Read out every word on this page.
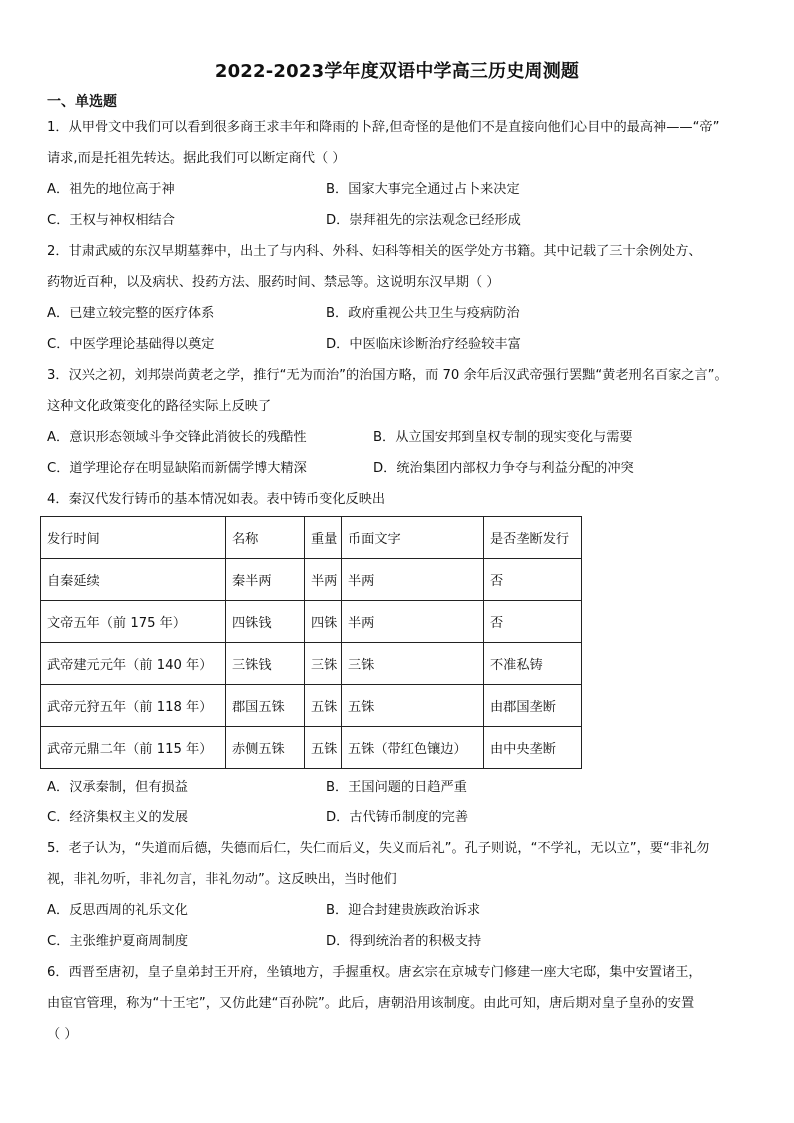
2022-2023学年度双语中学高三历史周测题
一、单选题
1．从甲骨文中我们可以看到很多商王求丰年和降雨的卜辞,但奇怪的是他们不是直接向他们心目中的最高神——“帝”
请求,而是托祖先转达。据此我们可以断定商代（ ）
A．祖先的地位高于神	B．国家大事完全通过占卜来决定
C．王权与神权相结合	D．崇拜祖先的宗法观念已经形成
2．甘肃武威的东汉早期墓葬中，出土了与内科、外科、妇科等相关的医学处方书籍。其中记载了三十余例处方、
药物近百种，以及病状、投药方法、服药时间、禁忌等。这说明东汉早期（ ）
A．已建立较完整的医疗体系	B．政府重视公共卫生与疫病防治
C．中医学理论基础得以奠定	D．中医临床诊断治疗经验较丰富
3．汉兴之初，刘邦崇尚黄老之学，推行“无为而治”的治国方略，而 70 余年后汉武帝强行罢黜“黄老刑名百家之言”。
这种文化政策变化的路径实际上反映了
A．意识形态领域斗争交锋此消彼长的残酷性	B．从立国安邦到皇权专制的现实变化与需要
C．道学理论存在明显缺陷而新儒学博大精深	D．统治集团内部权力争夺与利益分配的冲突
4．秦汉代发行铸币的基本情况如表。表中铸币变化反映出
发行时间	名称	重量	币面文字	是否垄断发行
自秦延续	秦半两	半两	半两	否
文帝五年（前 175 年）	四铢钱	四铢	半两	否
武帝建元元年（前 140 年）	三铢钱	三铢	三铢	不准私铸
武帝元狩五年（前 118 年）	郡国五铢	五铢	五铢	由郡国垄断
武帝元鼎二年（前 115 年）	赤侧五铢	五铢	五铢（带红色镶边）	由中央垄断
A．汉承秦制，但有损益	B．王国问题的日趋严重
C．经济集权主义的发展	D．古代铸币制度的完善
5．老子认为，“失道而后德，失德而后仁，失仁而后义，失义而后礼”。孔子则说，“不学礼，无以立”，要“非礼勿
视，非礼勿听，非礼勿言，非礼勿动”。这反映出，当时他们
A．反思西周的礼乐文化	B．迎合封建贵族政治诉求
C．主张维护夏商周制度	D．得到统治者的积极支持
6．西晋至唐初，皇子皇弟封王开府，坐镇地方，手握重权。唐玄宗在京城专门修建一座大宅邸，集中安置诸王，
由宦官管理，称为“十王宅”，又仿此建“百孙院”。此后，唐朝沿用该制度。由此可知，唐后期对皇子皇孙的安置
（ ）
